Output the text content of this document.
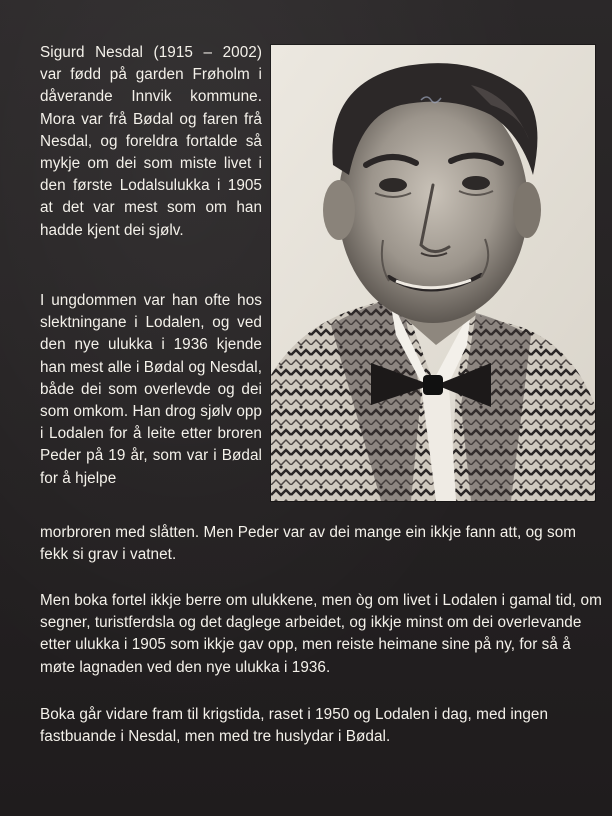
Sigurd Nesdal (1915 – 2002) var fødd på garden Frøholm i dåverande Innvik kommune. Mora var frå Bødal og faren frå Nesdal, og foreldra fortalde så mykje om dei som miste livet i den første Lodalsulukka i 1905 at det var mest som om han hadde kjent dei sjølv.
I ungdommen var han ofte hos slektningane i Lodalen, og ved den nye ulukka i 1936 kjende han mest alle i Bødal og Nesdal, både dei som overlevde og dei som omkom. Han drog sjølv opp i Lodalen for å leite etter broren Peder på 19 år, som var i Bødal for å hjelpe
morbroren med slåtten. Men Peder var av dei mange ein ikkje fann att, og som fekk si grav i vatnet.
Men boka fortel ikkje berre om ulukkene, men òg om livet i Lodalen i gamal tid, om segner, turistferdsla og det daglege arbeidet, og ikkje minst om dei overlevande etter ulukka i 1905 som ikkje gav opp, men reiste heimane sine på ny, for så å møte lagnaden ved den nye ulukka i 1936.
Boka går vidare fram til krigstida, raset i 1950 og Lodalen i dag, med ingen fastbuande i Nesdal, men med tre huslydar i Bødal.
